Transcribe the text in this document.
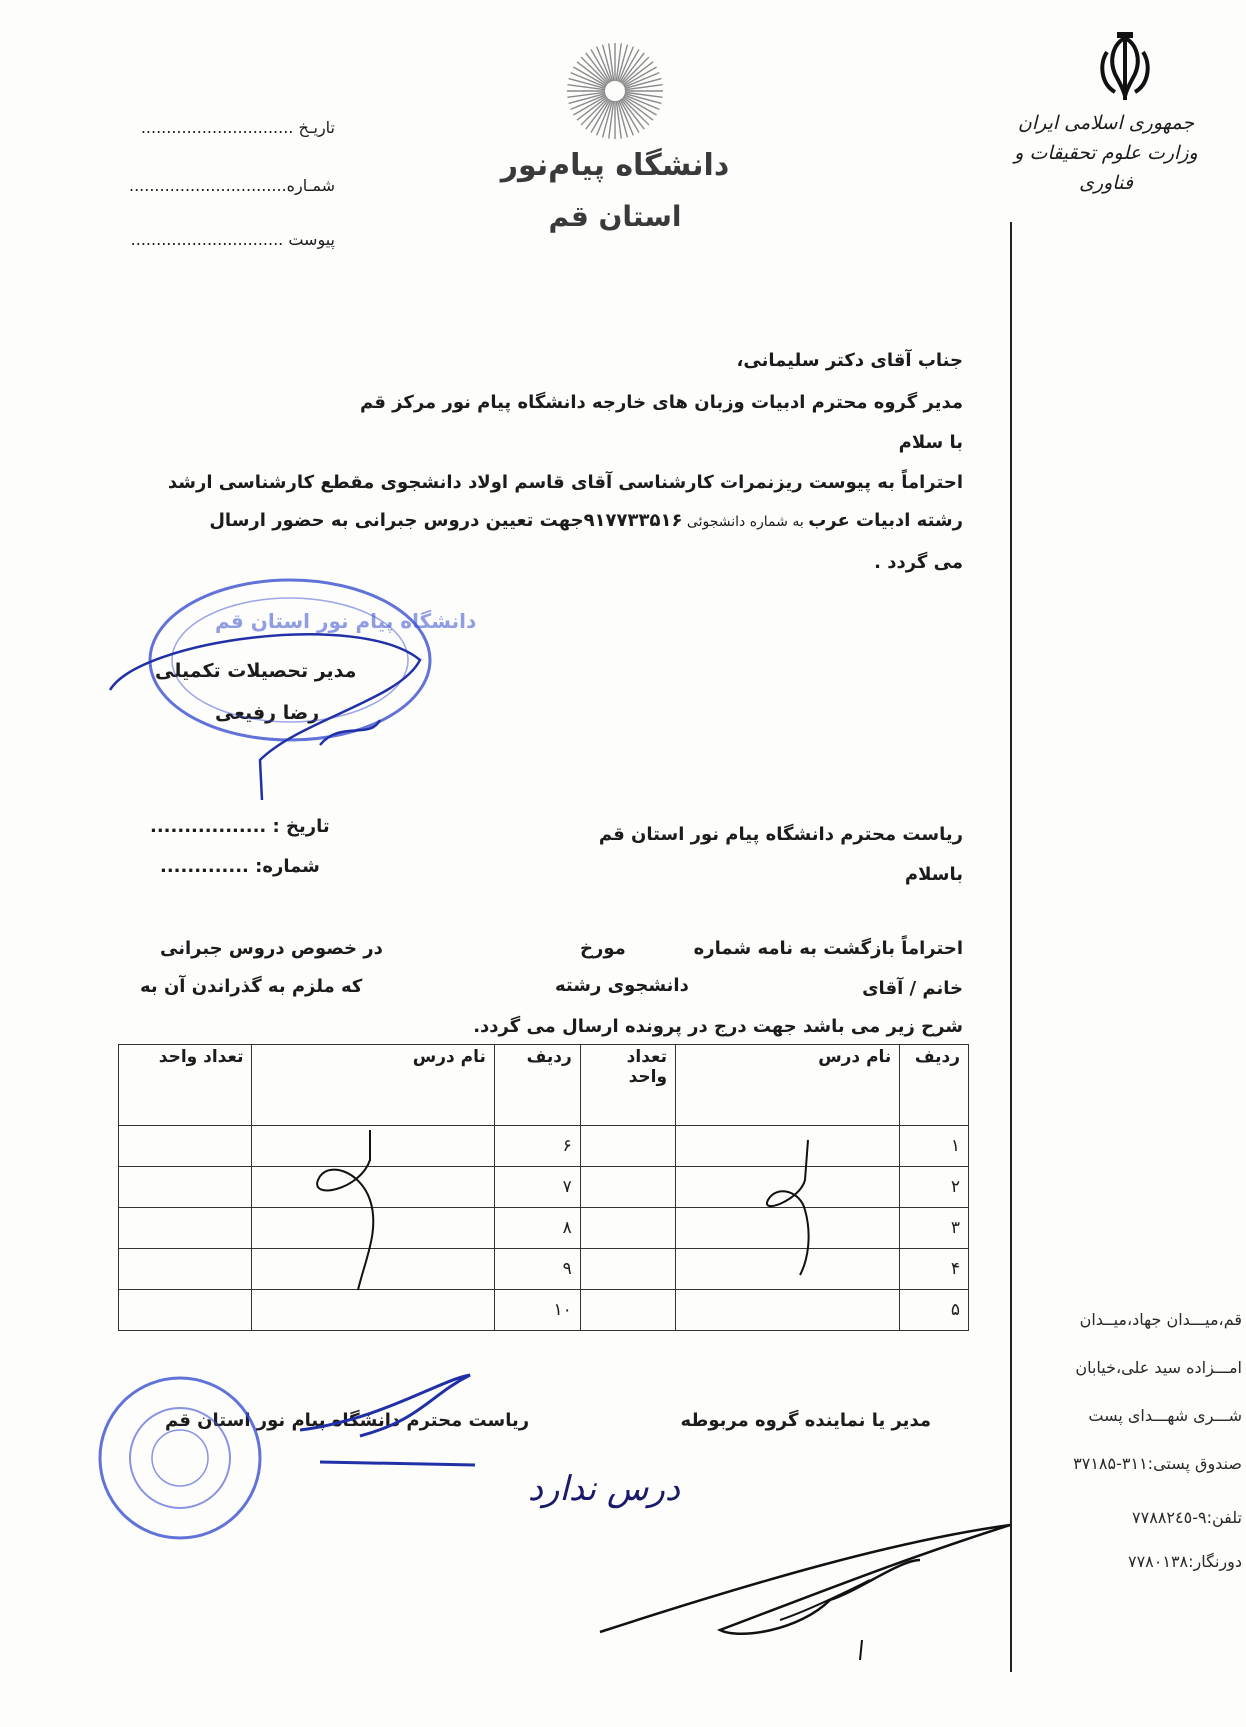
جمهوری اسلامی ایران
وزارت علوم تحقیقات و فناوری
دانشگاه پیام‌نور
استان قم
تاریـخ ..............................
شمـاره...............................
پیوست ..............................
جناب آقای دکتر سلیمانی،
مدیر گروه محترم ادبیات وزبان های خارجه دانشگاه پیام نور مرکز قم
با سلام
احتراماً به پیوست ریزنمرات کارشناسی آقای قاسم اولاد دانشجوی مقطع کارشناسی ارشد
رشته ادبیات عرب به شماره دانشجوئی ۹۱۷۷۳۳۵۱۶جهت تعیین دروس جبرانی به حضور ارسال
می گردد .
مدیر تحصیلات تکمیلی
رضا رفیعی
تاریخ : .................
شماره: .............
ریاست محترم دانشگاه پیام نور استان قم
باسلام
احتراماً بازگشت به نامه شماره
مورخ
در خصوص دروس جبرانی
خانم / آقای
دانشجوی رشته
که ملزم به گذراندن آن به
شرح زیر می باشد جهت درج در پرونده ارسال می گردد.
ردیف	نام درس	تعداد واحد	ردیف	نام درس	تعداد واحد
۱			۶		
۲			۷		
۳			۸		
۴			۹		
۵			۱۰		
مدیر یا نماینده گروه مربوطه
ریاست محترم دانشگاه پیام نور استان قم
قم،میـــدان جهاد،میــدان
امـــزاده سید علی،خیابان
شـــری شهـــدای پست
صندوق پستی:۳۱۱-۳۷۱۸۵
تلفن:۹-۷۷۸۸۲٤٥
دورنگار:۷۷۸۰۱۳۸
دانشگاه پیام نور استان قم
درس ندارد
